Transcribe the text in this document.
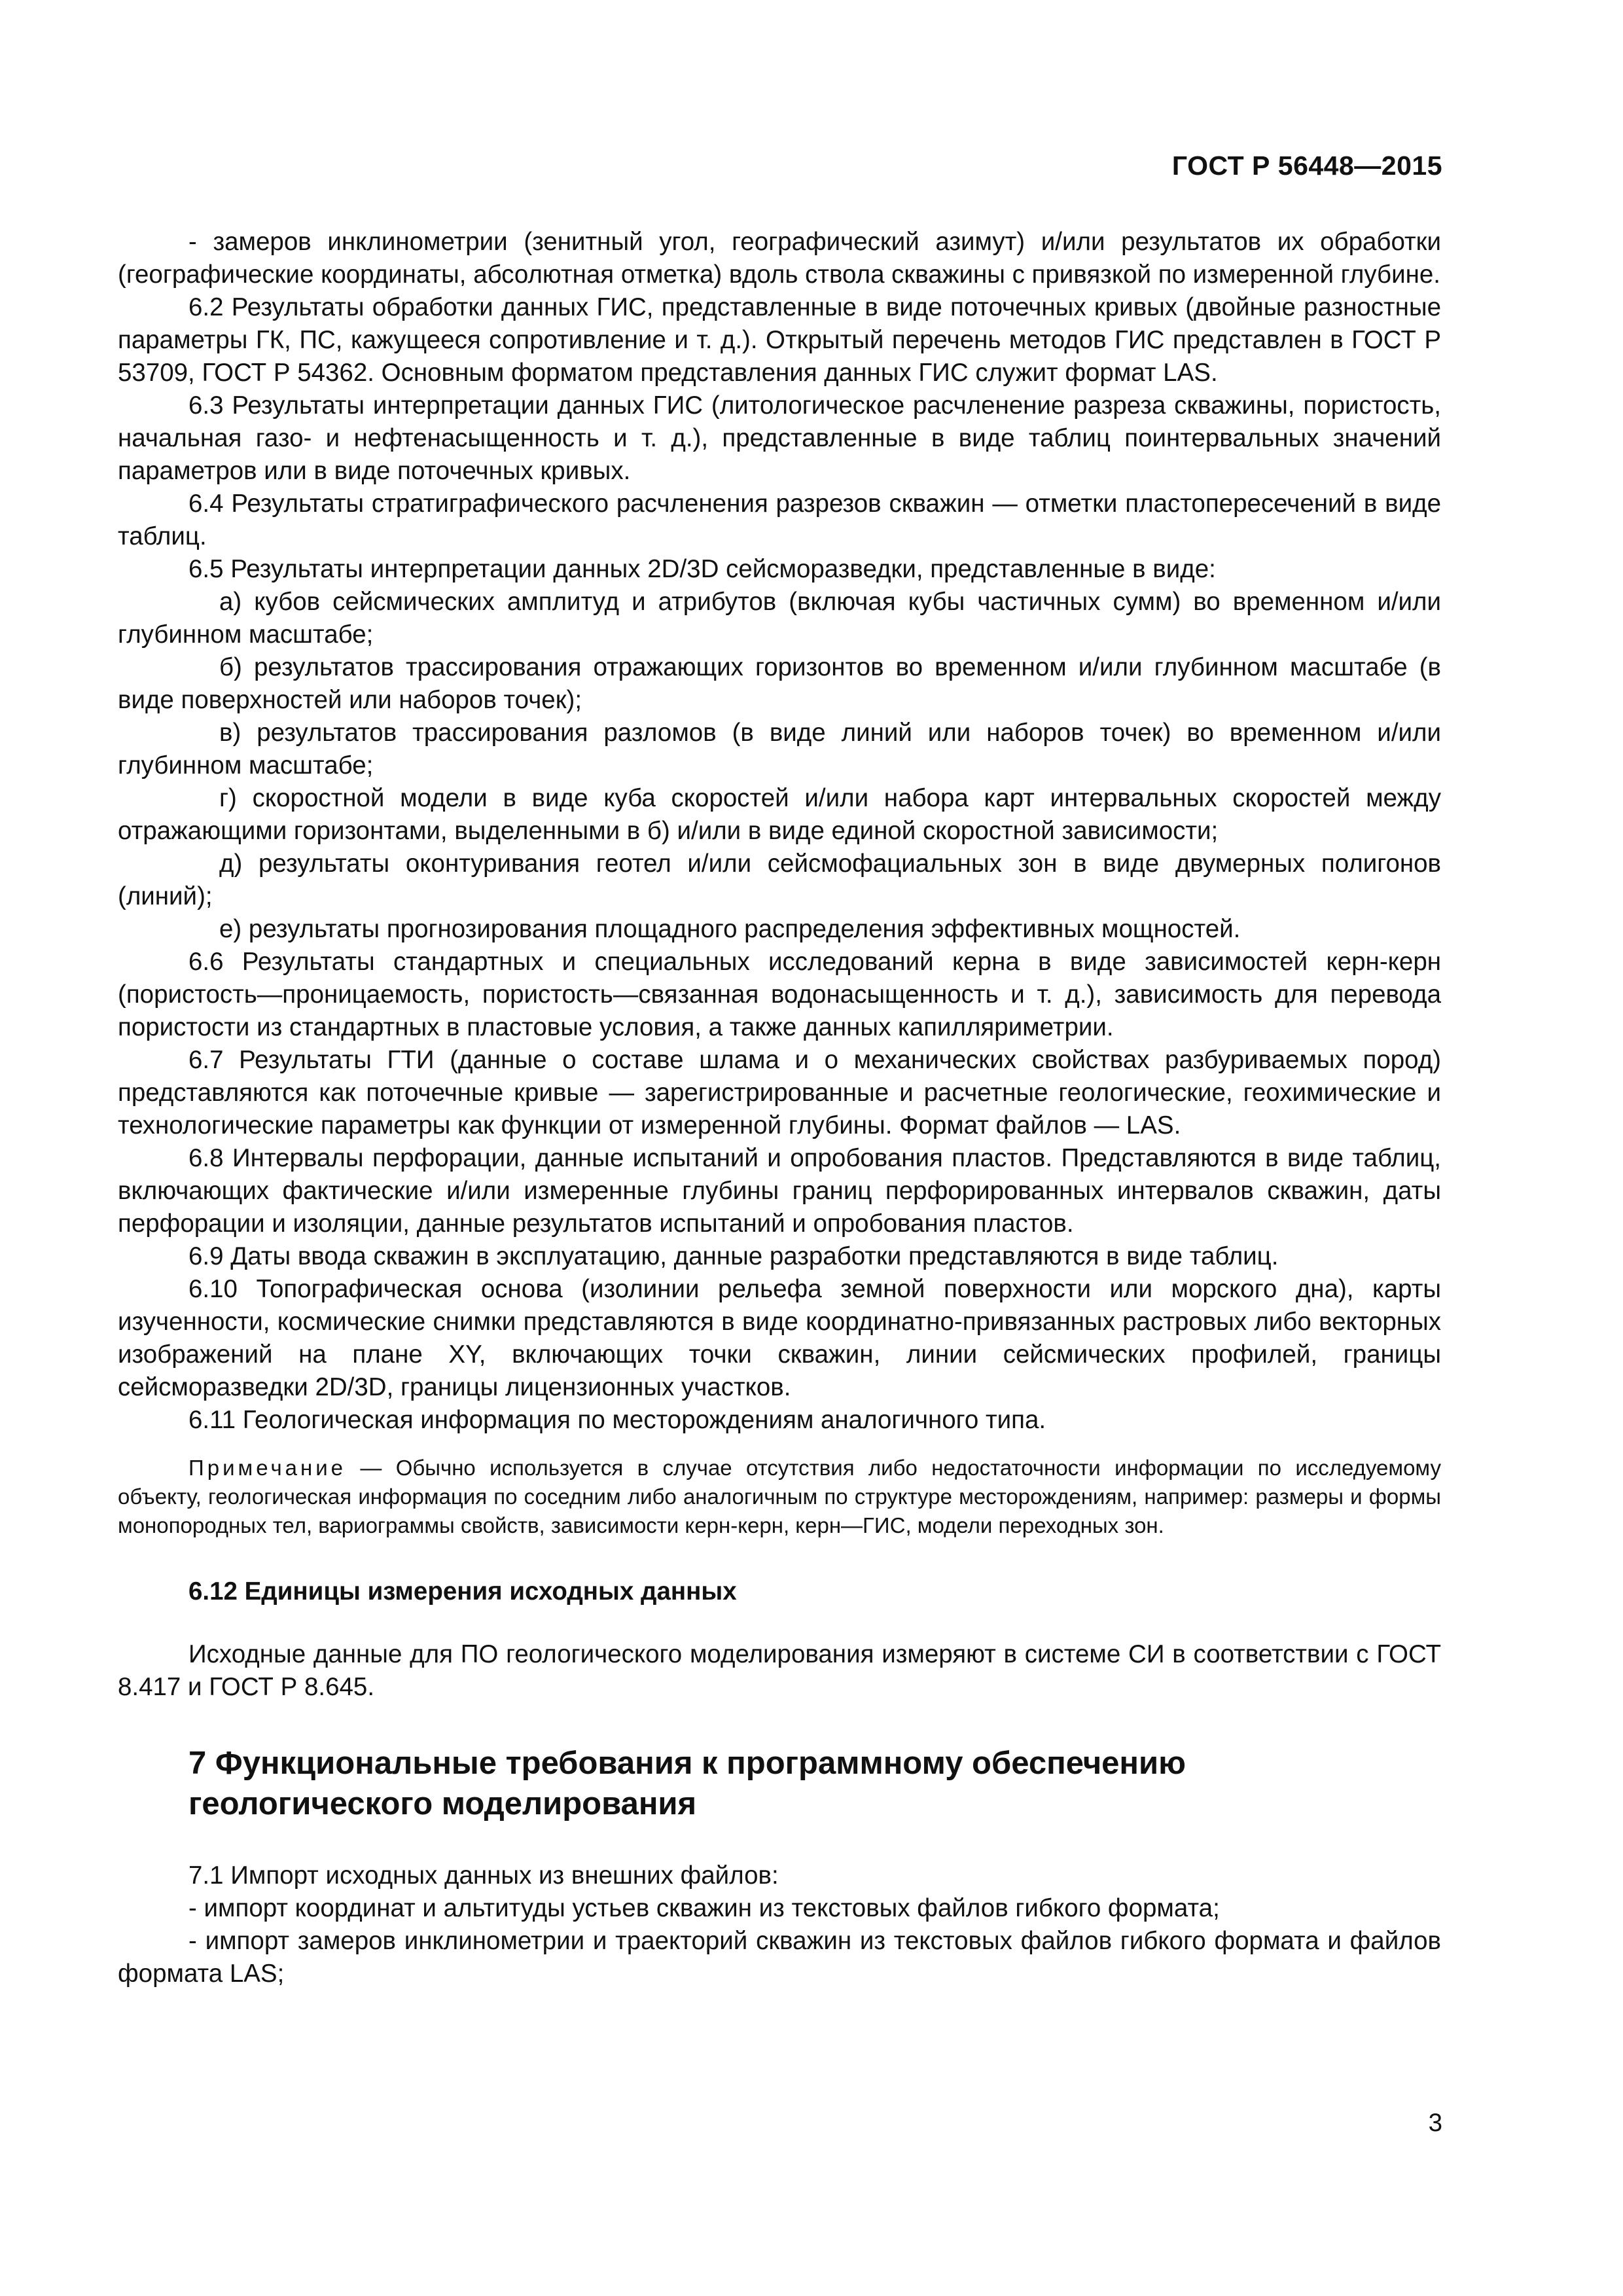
ГОСТ Р 56448—2015

- замеров инклинометрии (зенитный угол, географический азимут) и/или результатов их обработки (географические координаты, абсолютная отметка) вдоль ствола скважины с привязкой по измеренной глубине.

6.2 Результаты обработки данных ГИС, представленные в виде поточечных кривых (двойные разностные параметры ГК, ПС, кажущееся сопротивление и т. д.). Открытый перечень методов ГИС представлен в ГОСТ Р 53709, ГОСТ Р 54362. Основным форматом представления данных ГИС служит формат LAS.

6.3 Результаты интерпретации данных ГИС (литологическое расчленение разреза скважины, пористость, начальная газо- и нефтенасыщенность и т. д.), представленные в виде таблиц поинтервальных значений параметров или в виде поточечных кривых.

6.4 Результаты стратиграфического расчленения разрезов скважин — отметки пластопересечений в виде таблиц.

6.5 Результаты интерпретации данных 2D/3D сейсморазведки, представленные в виде:

а) кубов сейсмических амплитуд и атрибутов (включая кубы частичных сумм) во временном и/или глубинном масштабе;

б) результатов трассирования отражающих горизонтов во временном и/или глубинном масштабе (в виде поверхностей или наборов точек);

в) результатов трассирования разломов (в виде линий или наборов точек) во временном и/или глубинном масштабе;

г) скоростной модели в виде куба скоростей и/или набора карт интервальных скоростей между отражающими горизонтами, выделенными в б) и/или в виде единой скоростной зависимости;

д) результаты оконтуривания геотел и/или сейсмофациальных зон в виде двумерных полигонов (линий);

е) результаты прогнозирования площадного распределения эффективных мощностей.

6.6 Результаты стандартных и специальных исследований керна в виде зависимостей керн-керн (пористость—проницаемость, пористость—связанная водонасыщенность и т. д.), зависимость для перевода пористости из стандартных в пластовые условия, а также данных капилляриметрии.

6.7 Результаты ГТИ (данные о составе шлама и о механических свойствах разбуриваемых пород) представляются как поточечные кривые — зарегистрированные и расчетные геологические, геохимические и технологические параметры как функции от измеренной глубины. Формат файлов — LAS.

6.8 Интервалы перфорации, данные испытаний и опробования пластов. Представляются в виде таблиц, включающих фактические и/или измеренные глубины границ перфорированных интервалов скважин, даты перфорации и изоляции, данные результатов испытаний и опробования пластов.

6.9 Даты ввода скважин в эксплуатацию, данные разработки представляются в виде таблиц.

6.10 Топографическая основа (изолинии рельефа земной поверхности или морского дна), карты изученности, космические снимки представляются в виде координатно-привязанных растровых либо векторных изображений на плане XY, включающих точки скважин, линии сейсмических профилей, границы сейсморазведки 2D/3D, границы лицензионных участков.

6.11 Геологическая информация по месторождениям аналогичного типа.

Примечание — Обычно используется в случае отсутствия либо недостаточности информации по исследуемому объекту, геологическая информация по соседним либо аналогичным по структуре месторождениям, например: размеры и формы монопородных тел, вариограммы свойств, зависимости керн-керн, керн—ГИС, модели переходных зон.

6.12 Единицы измерения исходных данных

Исходные данные для ПО геологического моделирования измеряют в системе СИ в соответствии с ГОСТ 8.417 и ГОСТ Р 8.645.

7 Функциональные требования к программному обеспечению
геологического моделирования

7.1 Импорт исходных данных из внешних файлов:

- импорт координат и альтитуды устьев скважин из текстовых файлов гибкого формата;

- импорт замеров инклинометрии и траекторий скважин из текстовых файлов гибкого формата и файлов формата LAS;

3
